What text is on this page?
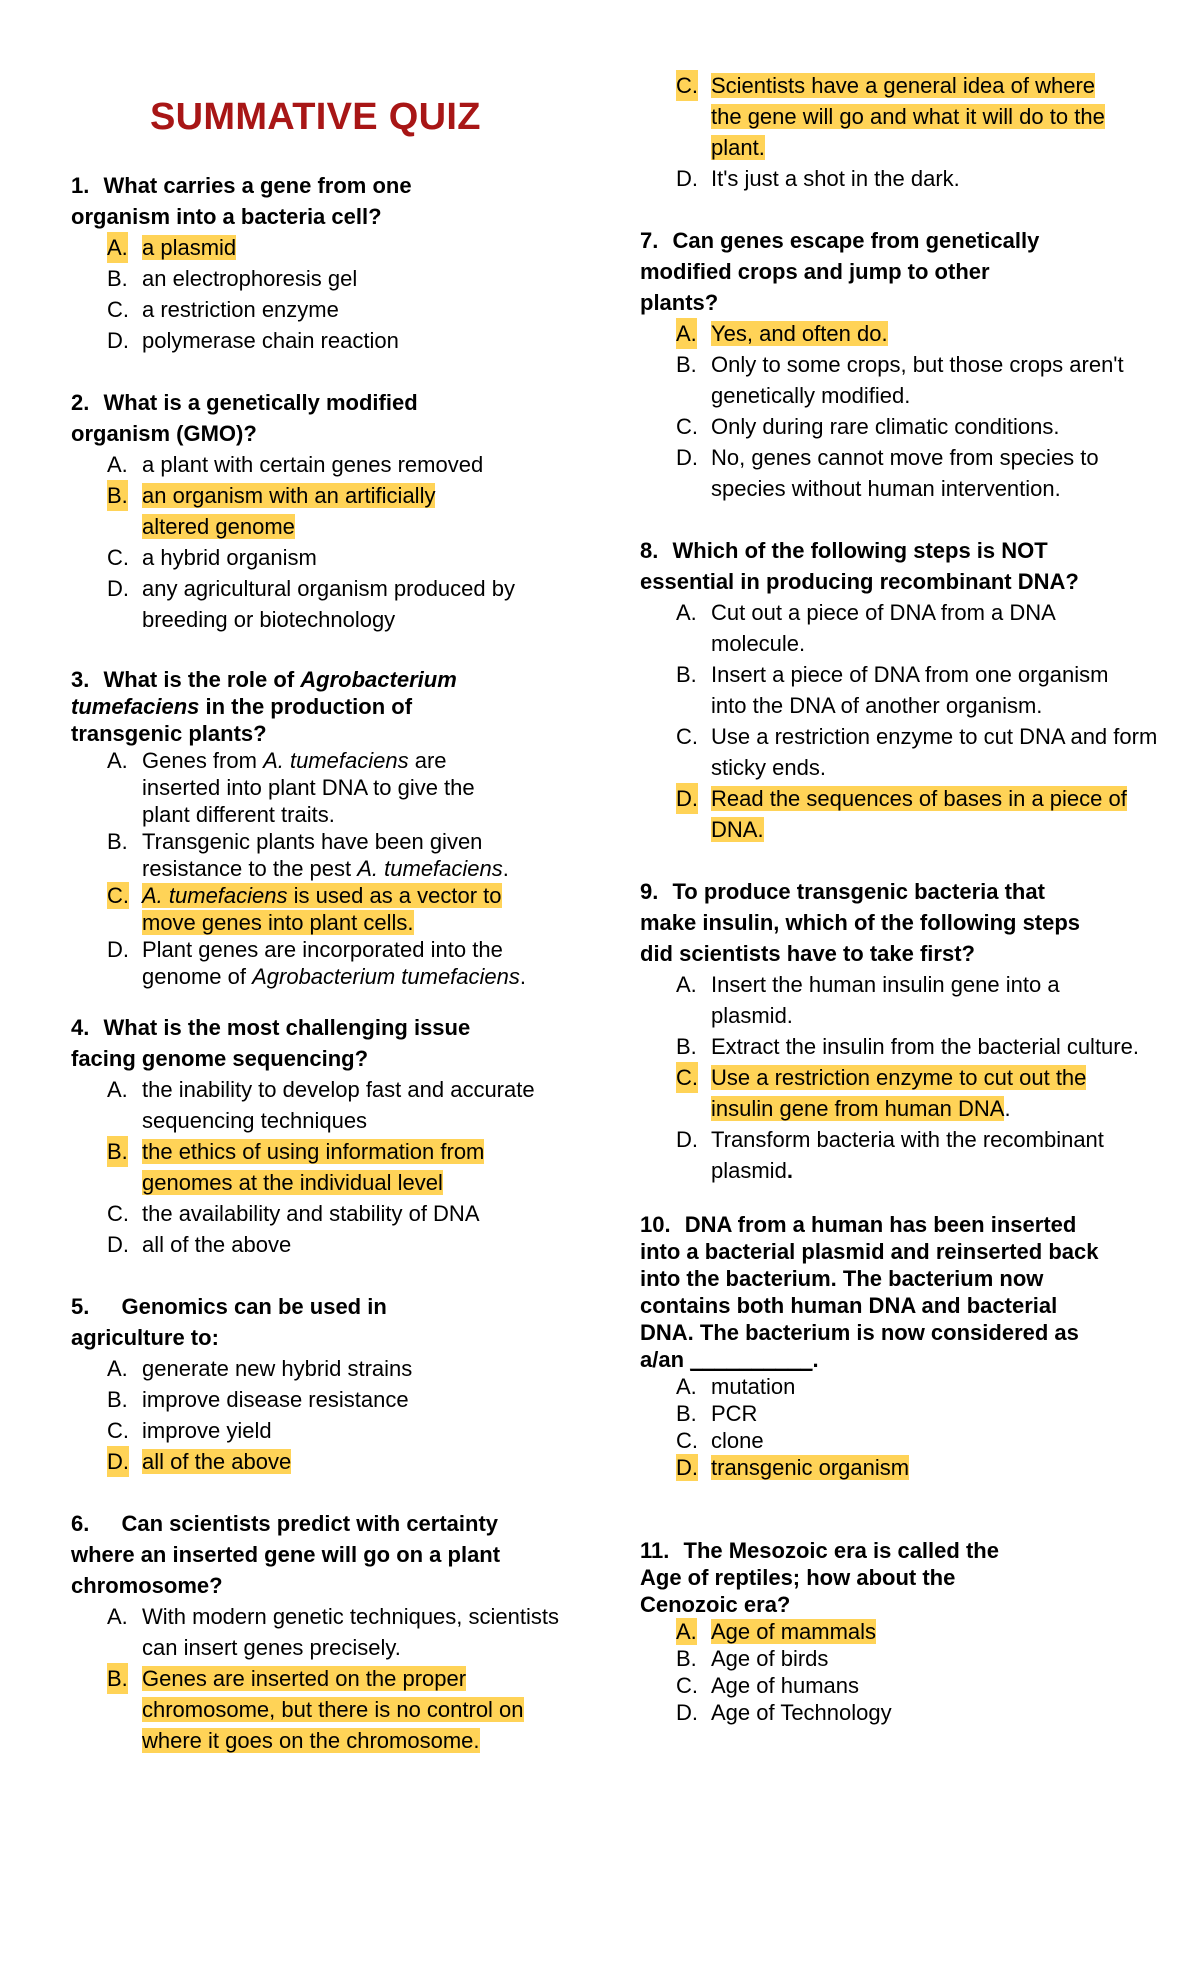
SUMMATIVE QUIZ
1. What carries a gene from one organism into a bacteria cell?
A. a plasmid
B. an electrophoresis gel
C. a restriction enzyme
D. polymerase chain reaction
2. What is a genetically modified organism (GMO)?
A. a plant with certain genes removed
B. an organism with an artificially altered genome
C. a hybrid organism
D. any agricultural organism produced by breeding or biotechnology
3. What is the role of Agrobacterium tumefaciens in the production of transgenic plants?
A. Genes from A. tumefaciens are inserted into plant DNA to give the plant different traits.
B. Transgenic plants have been given resistance to the pest A. tumefaciens.
C. A. tumefaciens is used as a vector to move genes into plant cells.
D. Plant genes are incorporated into the genome of Agrobacterium tumefaciens.
4. What is the most challenging issue facing genome sequencing?
A. the inability to develop fast and accurate sequencing techniques
B. the ethics of using information from genomes at the individual level
C. the availability and stability of DNA
D. all of the above
5. Genomics can be used in agriculture to:
A. generate new hybrid strains
B. improve disease resistance
C. improve yield
D. all of the above
6. Can scientists predict with certainty where an inserted gene will go on a plant chromosome?
A. With modern genetic techniques, scientists can insert genes precisely.
B. Genes are inserted on the proper chromosome, but there is no control on where it goes on the chromosome.
C. Scientists have a general idea of where the gene will go and what it will do to the plant.
D. It's just a shot in the dark.
7. Can genes escape from genetically modified crops and jump to other plants?
A. Yes, and often do.
B. Only to some crops, but those crops aren't genetically modified.
C. Only during rare climatic conditions.
D. No, genes cannot move from species to species without human intervention.
8. Which of the following steps is NOT essential in producing recombinant DNA?
A. Cut out a piece of DNA from a DNA molecule.
B. Insert a piece of DNA from one organism into the DNA of another organism.
C. Use a restriction enzyme to cut DNA and form sticky ends.
D. Read the sequences of bases in a piece of DNA.
9. To produce transgenic bacteria that make insulin, which of the following steps did scientists have to take first?
A. Insert the human insulin gene into a plasmid.
B. Extract the insulin from the bacterial culture.
C. Use a restriction enzyme to cut out the insulin gene from human DNA.
D. Transform bacteria with the recombinant plasmid.
10. DNA from a human has been inserted into a bacterial plasmid and reinserted back into the bacterium. The bacterium now contains both human DNA and bacterial DNA. The bacterium is now considered as a/an __________.
A. mutation
B. PCR
C. clone
D. transgenic organism
11. The Mesozoic era is called the Age of reptiles; how about the Cenozoic era?
A. Age of mammals
B. Age of birds
C. Age of humans
D. Age of Technology
